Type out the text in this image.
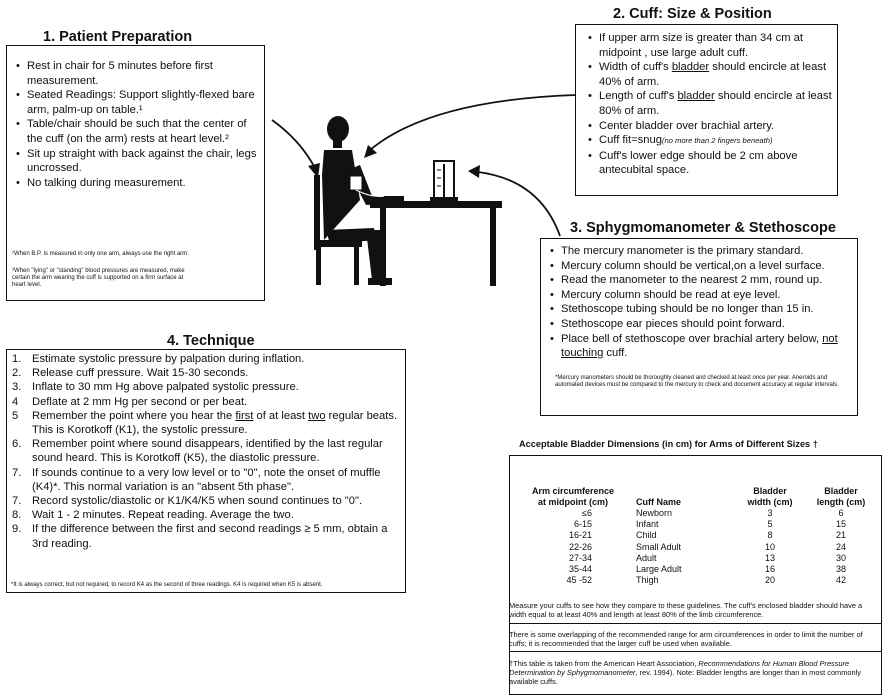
1. Patient Preparation
• Rest in chair for 5 minutes before first measurement.
• Seated Readings: Support slightly-flexed bare arm, palm-up on table.¹
• Table/chair should be such that the center of the cuff (on the arm) rests at heart level.²
• Sit up straight with back against the chair, legs uncrossed.
• No talking during measurement.
¹When B.P. is measured in only one arm, always use the right arm.
²When "lying" or "standing" blood pressures are measured, make certain the arm wearing the cuff is supported on a firm surface at heart level.
2. Cuff: Size & Position
• If upper arm size is greater than 34 cm at midpoint , use large adult cuff.
• Width of cuff's bladder should encircle at least 40% of arm.
• Length of cuff's bladder should encircle at least 80% of arm.
• Center bladder over brachial artery.
• Cuff fit=snug(no more than 2 fingers beneath)
• Cuff's lower edge should be 2 cm above antecubital space.
3. Sphygmomanometer & Stethoscope
• The mercury manometer is the primary standard.
• Mercury column should be vertical,on a level surface.
• Read the manometer to the nearest 2 mm, round up.
• Mercury column should be read at eye level.
• Stethoscope tubing should be no longer than 15 in.
• Stethoscope ear pieces should point forward.
• Place bell of stethoscope over brachial artery below, not touching cuff.
*Mercury manometers should be thoroughly cleaned and checked at least once per year. Aneroids and automated devices must be compared to the mercury to check and document accuracy at regular intervals.
4. Technique
1. Estimate systolic pressure by palpation during inflation.
2. Release cuff pressure. Wait 15-30 seconds.
3. Inflate to 30 mm Hg above palpated systolic pressure.
4 Deflate at 2 mm Hg per second or per beat.
5 Remember the point where you hear the first of at least two regular beats. This is Korotkoff (K1), the systolic pressure.
6. Remember point where sound disappears, identified by the last regular sound heard. This is Korotkoff (K5), the diastolic pressure.
7. If sounds continue to a very low level or to "0", note the onset of muffle (K4)*. This normal variation is an "absent 5th phase".
7. Record systolic/diastolic or K1/K4/K5 when sound continues to "0".
8. Wait 1 - 2 minutes. Repeat reading. Average the two.
9. If the difference between the first and second readings ≥ 5 mm, obtain a 3rd reading.
*It is always correct, but not required, to record K4 as the second of three readings. K4 is required when K5 is absent.
Acceptable Bladder Dimensions (in cm) for Arms of Different Sizes †
Arm circumference at midpoint (cm)	Cuff Name	Bladder width (cm)	Bladder length (cm)
≤6	Newborn	3	6
6-15	Infant	5	15
16-21	Child	8	21
22-26	Small Adult	10	24
27-34	Adult	13	30
35-44	Large Adult	16	38
45 -52	Thigh	20	42
Measure your cuffs to see how they compare to these guidelines. The cuff's enclosed bladder should have a width equal to at least 40% and length at least 80% of the limb circumference.
There is some overlapping of the recommended range for arm circumferences in order to limit the number of cuffs; it is recommended that the larger cuff be used when available.
†This table is taken from the American Heart Association, Recommendations for Human Blood Pressure Determination by Sphygmomanometer, rev. 1994). Note: Bladder lengths are longer than in most commonly available cuffs.
